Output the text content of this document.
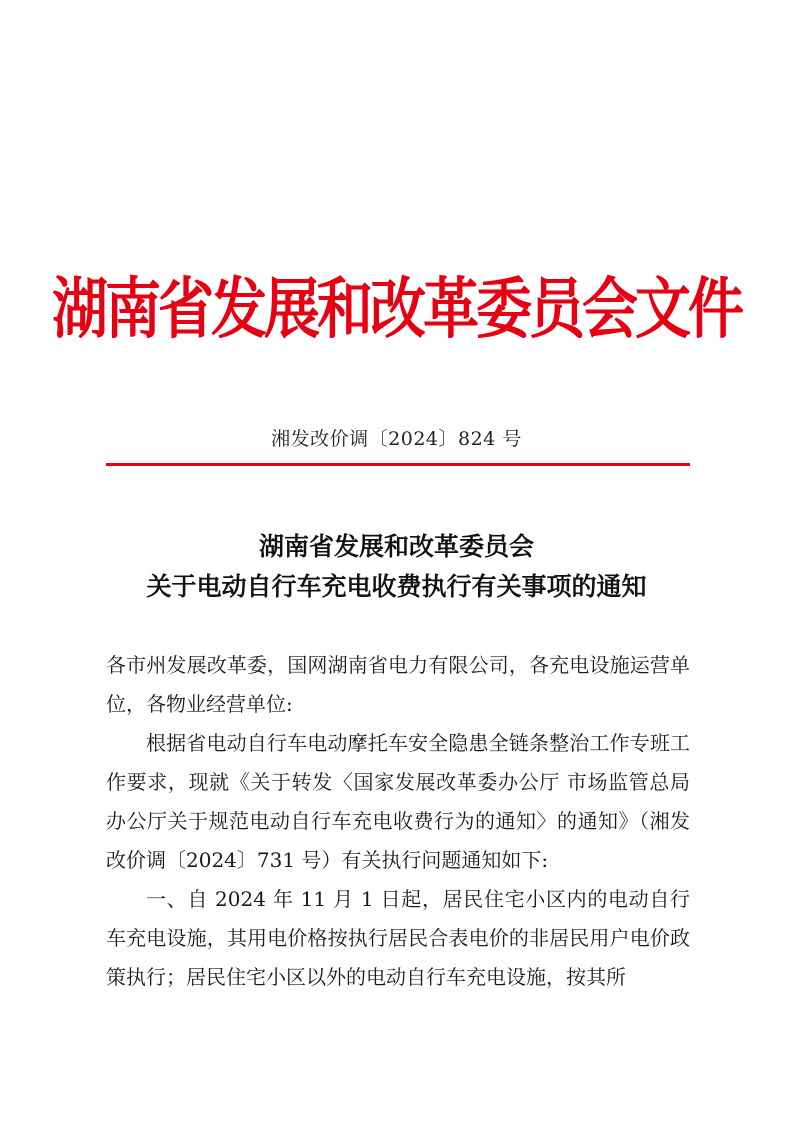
湖南省发展和改革委员会文件
湘发改价调〔2024〕824 号
湖南省发展和改革委员会
关于电动自行车充电收费执行有关事项的通知

各市州发展改革委，国网湖南省电力有限公司，各充电设施运营单位，各物业经营单位:

根据省电动自行车电动摩托车安全隐患全链条整治工作专班工作要求，现就《关于转发〈国家发展改革委办公厅 市场监管总局办公厅关于规范电动自行车充电收费行为的通知〉的通知》（湘发改价调〔2024〕731 号）有关执行问题通知如下:

一、自 2024 年 11 月 1 日起，居民住宅小区内的电动自行车充电设施，其用电价格按执行居民合表电价的非居民用户电价政策执行；居民住宅小区以外的电动自行车充电设施，按其所
